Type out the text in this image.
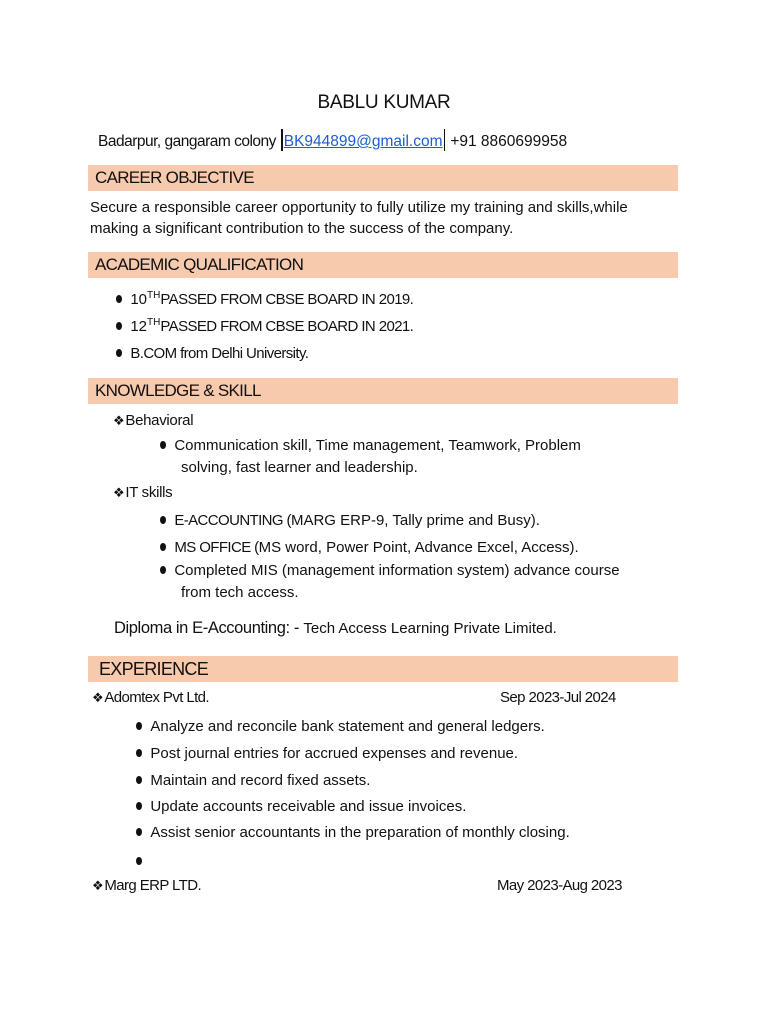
BABLU KUMAR
Badarpur, gangaram colony BK944899@gmail.com +91 8860699958
CAREER OBJECTIVE
Secure a responsible career opportunity to fully utilize my training and skills,while
making a significant contribution to the success of the company.
ACADEMIC QUALIFICATION
10THPASSED FROM CBSE BOARD IN 2019.
12THPASSED FROM CBSE BOARD IN 2021.
B.COM from Delhi University.
KNOWLEDGE & SKILL
❖Behavioral
Communication skill, Time management, Teamwork, Problem
solving, fast learner and leadership.
❖IT skills
E-ACCOUNTING (MARG ERP-9, Tally prime and Busy).
MS OFFICE (MS word, Power Point, Advance Excel, Access).
Completed MIS (management information system) advance course
from tech access.
Diploma in E-Accounting: - Tech Access Learning Private Limited.
EXPERIENCE
❖Adomtex Pvt Ltd.	Sep 2023-Jul 2024
Analyze and reconcile bank statement and general ledgers.
Post journal entries for accrued expenses and revenue.
Maintain and record fixed assets.
Update accounts receivable and issue invoices.
Assist senior accountants in the preparation of monthly closing.

❖Marg ERP LTD.	May 2023-Aug 2023
